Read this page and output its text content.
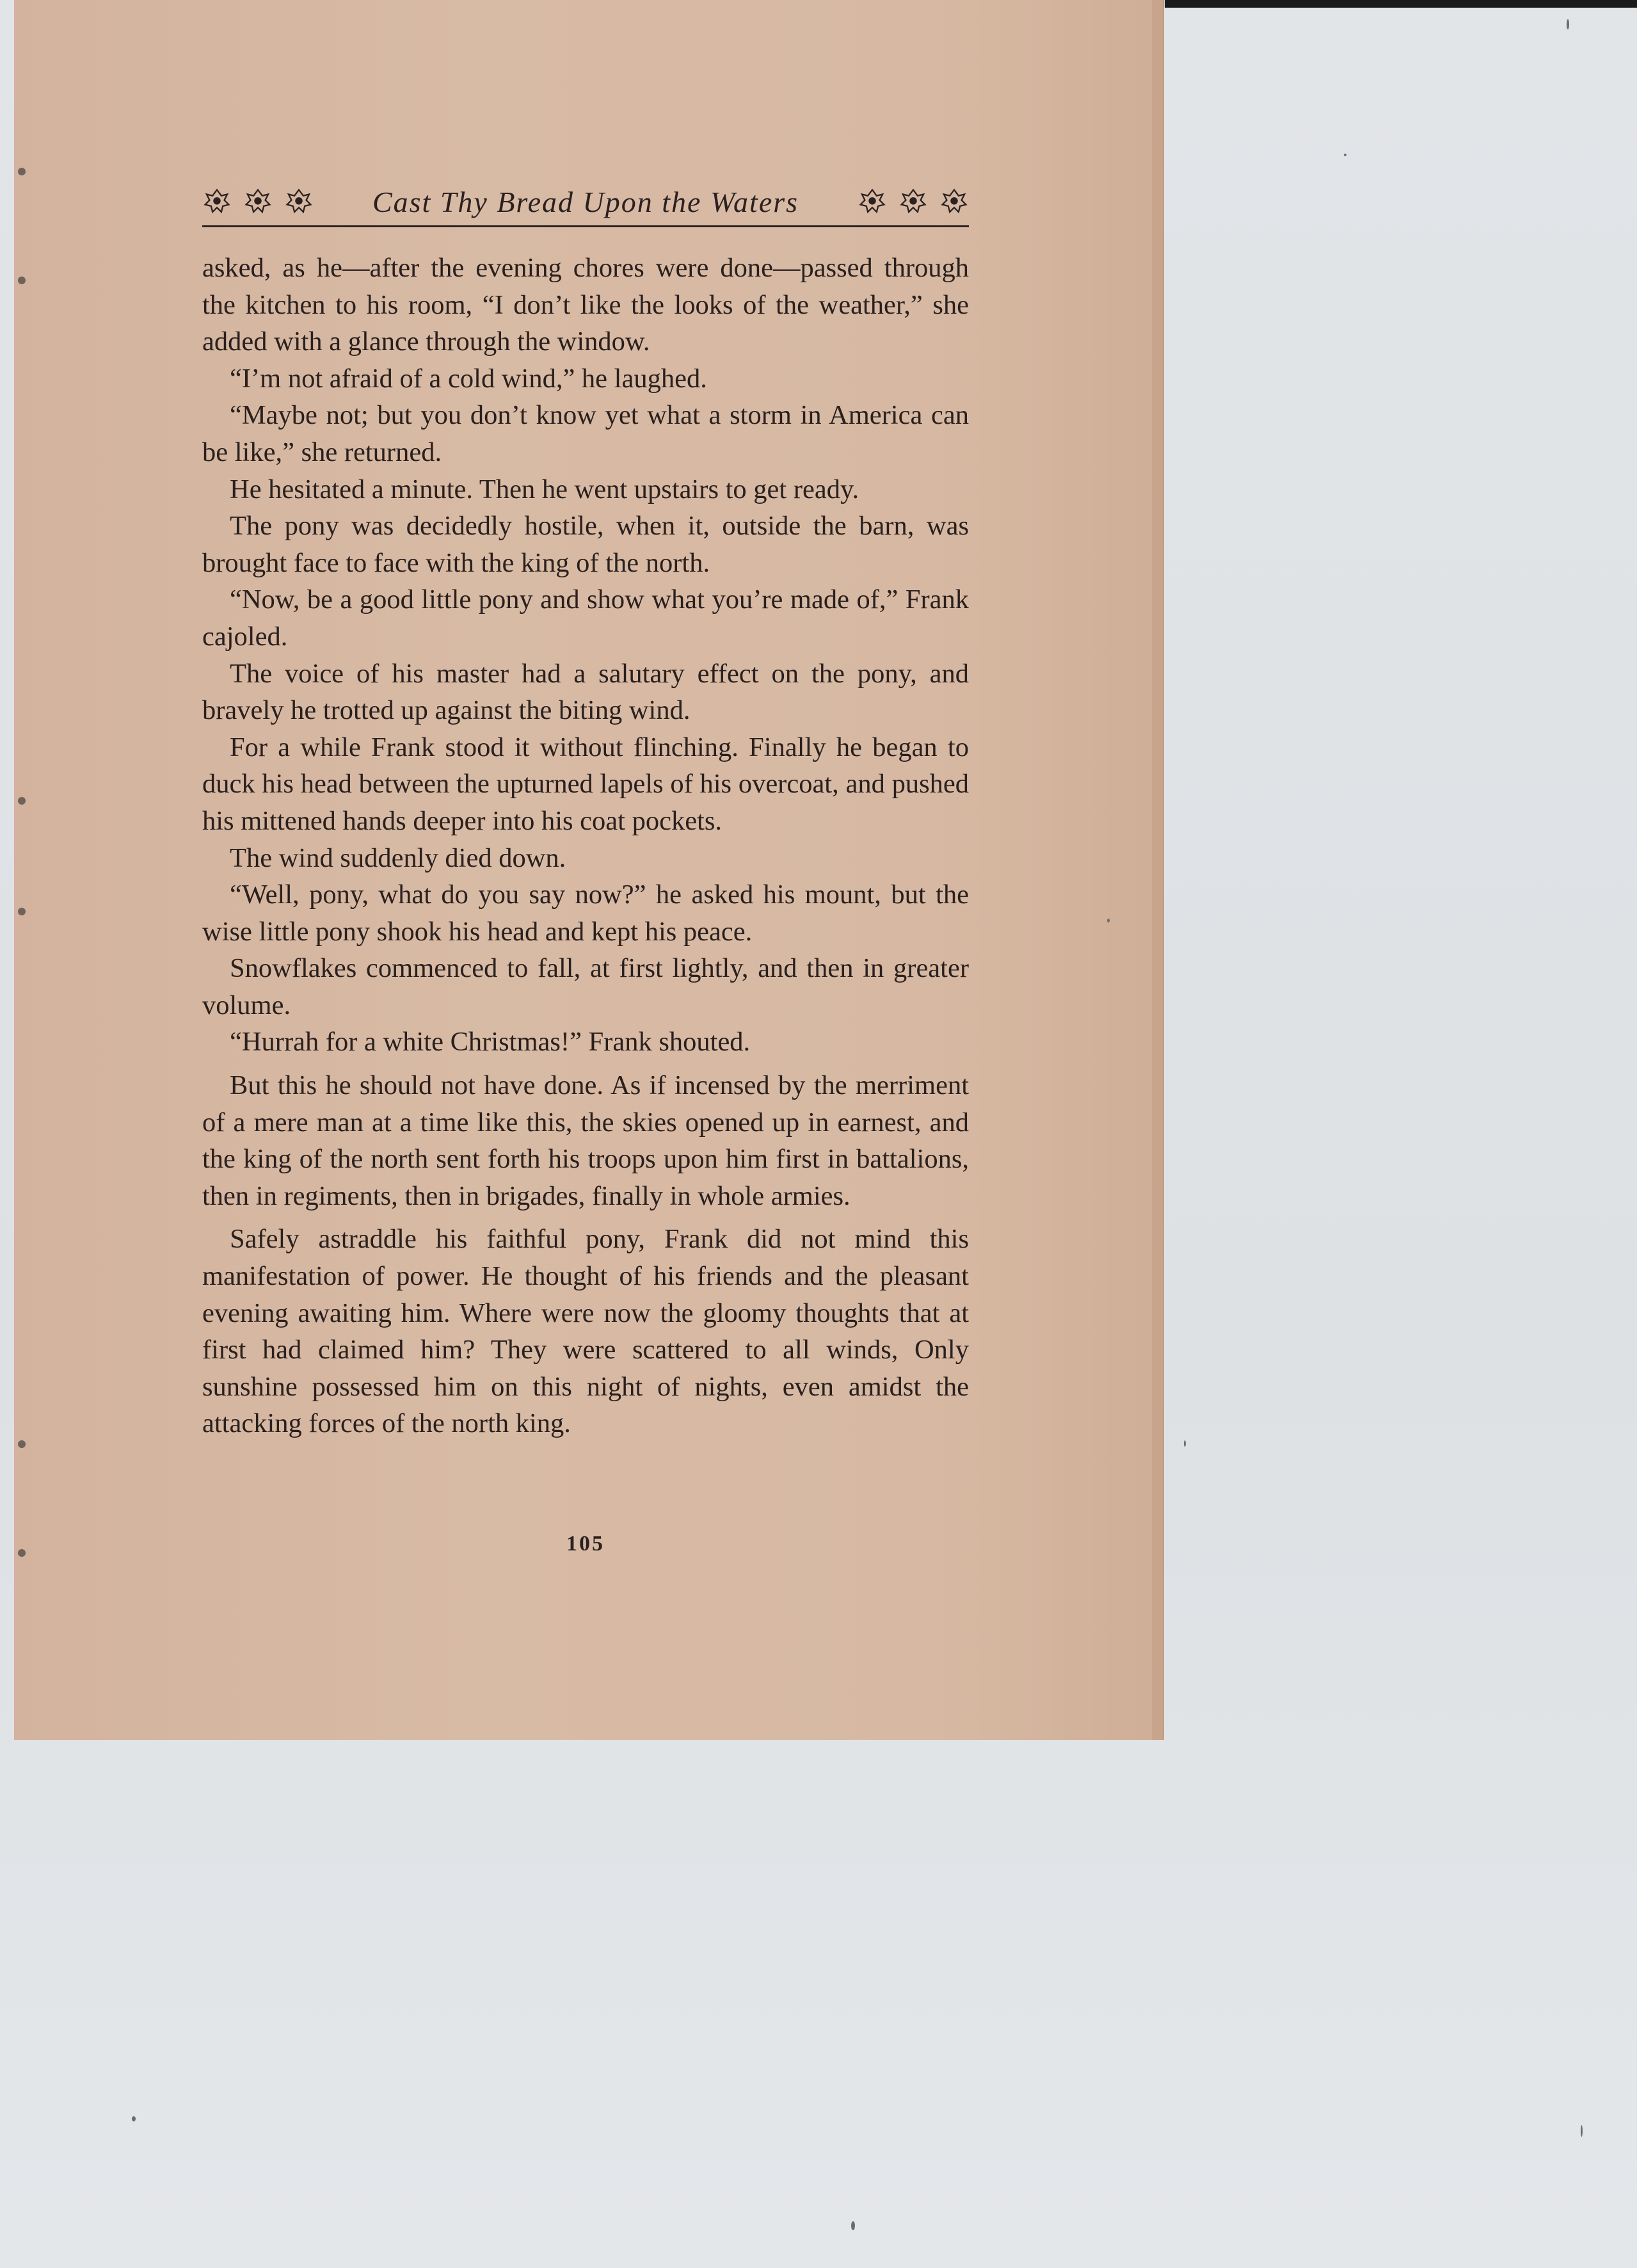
Cast Thy Bread Upon the Waters

asked, as he—after the evening chores were done—passed through the kitchen to his room, “I don’t like the looks of the weather,” she added with a glance through the window.

“I’m not afraid of a cold wind,” he laughed.

“Maybe not; but you don’t know yet what a storm in America can be like,” she returned.

He hesitated a minute. Then he went upstairs to get ready.

The pony was decidedly hostile, when it, outside the barn, was brought face to face with the king of the north.

“Now, be a good little pony and show what you’re made of,” Frank cajoled.

The voice of his master had a salutary effect on the pony, and bravely he trotted up against the biting wind.

For a while Frank stood it without flinching. Finally he began to duck his head between the upturned lapels of his overcoat, and pushed his mittened hands deeper into his coat pockets.

The wind suddenly died down.

“Well, pony, what do you say now?” he asked his mount, but the wise little pony shook his head and kept his peace.

Snowflakes commenced to fall, at first lightly, and then in greater volume.

“Hurrah for a white Christmas!” Frank shouted.

But this he should not have done. As if incensed by the merriment of a mere man at a time like this, the skies opened up in earnest, and the king of the north sent forth his troops upon him first in battalions, then in regiments, then in brigades, finally in whole armies.

Safely astraddle his faithful pony, Frank did not mind this manifestation of power. He thought of his friends and the pleasant evening awaiting him. Where were now the gloomy thoughts that at first had claimed him? They were scattered to all winds, Only sunshine possessed him on this night of nights, even amidst the attacking forces of the north king.

105
